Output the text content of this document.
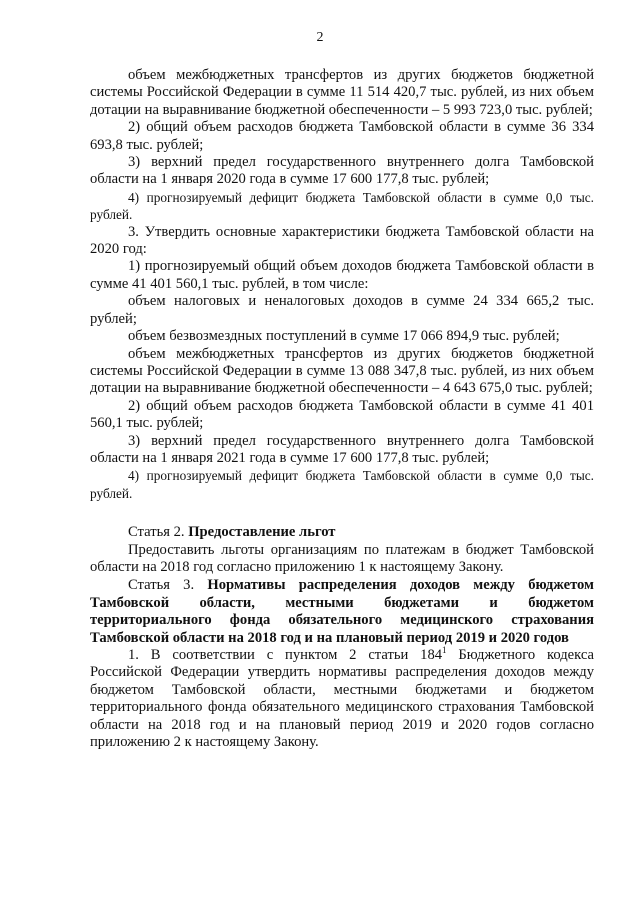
2

объем межбюджетных трансфертов из других бюджетов бюджетной системы Российской Федерации в сумме 11 514 420,7 тыс. рублей, из них объем дотации на выравнивание бюджетной обеспеченности – 5 993 723,0 тыс. рублей;

2) общий объем расходов бюджета Тамбовской области в сумме 36 334 693,8 тыс. рублей;

3) верхний предел государственного внутреннего долга Тамбовской области на 1 января 2020 года в сумме 17 600 177,8 тыс. рублей;

4) прогнозируемый дефицит бюджета Тамбовской области в сумме 0,0 тыс. рублей.

3. Утвердить основные характеристики бюджета Тамбовской области на 2020 год:

1) прогнозируемый общий объем доходов бюджета Тамбовской области в сумме 41 401 560,1 тыс. рублей, в том числе:

объем налоговых и неналоговых доходов в сумме 24 334 665,2 тыс. рублей;

объем безвозмездных поступлений в сумме 17 066 894,9 тыс. рублей;

объем межбюджетных трансфертов из других бюджетов бюджетной системы Российской Федерации в сумме 13 088 347,8 тыс. рублей, из них объем дотации на выравнивание бюджетной обеспеченности – 4 643 675,0 тыс. рублей;

2) общий объем расходов бюджета Тамбовской области в сумме 41 401 560,1 тыс. рублей;

3) верхний предел государственного внутреннего долга Тамбовской области на 1 января 2021 года в сумме 17 600 177,8 тыс. рублей;

4) прогнозируемый дефицит бюджета Тамбовской области в сумме 0,0 тыс. рублей.

Статья 2. Предоставление льгот

Предоставить льготы организациям по платежам в бюджет Тамбовской области на 2018 год согласно приложению 1 к настоящему Закону.

Статья 3. Нормативы распределения доходов между бюджетом

Тамбовской области, местными бюджетами и бюджетом

территориального фонда обязательного медицинского страхования

Тамбовской области на 2018 год и на плановый период 2019 и 2020 годов

1. В соответствии с пунктом 2 статьи $184^1$ Бюджетного кодекса Российской Федерации утвердить нормативы распределения доходов между бюджетом Тамбовской области, местными бюджетами и бюджетом территориального фонда обязательного медицинского страхования Тамбовской области на 2018 год и на плановый период 2019 и 2020 годов согласно приложению 2 к настоящему Закону.
